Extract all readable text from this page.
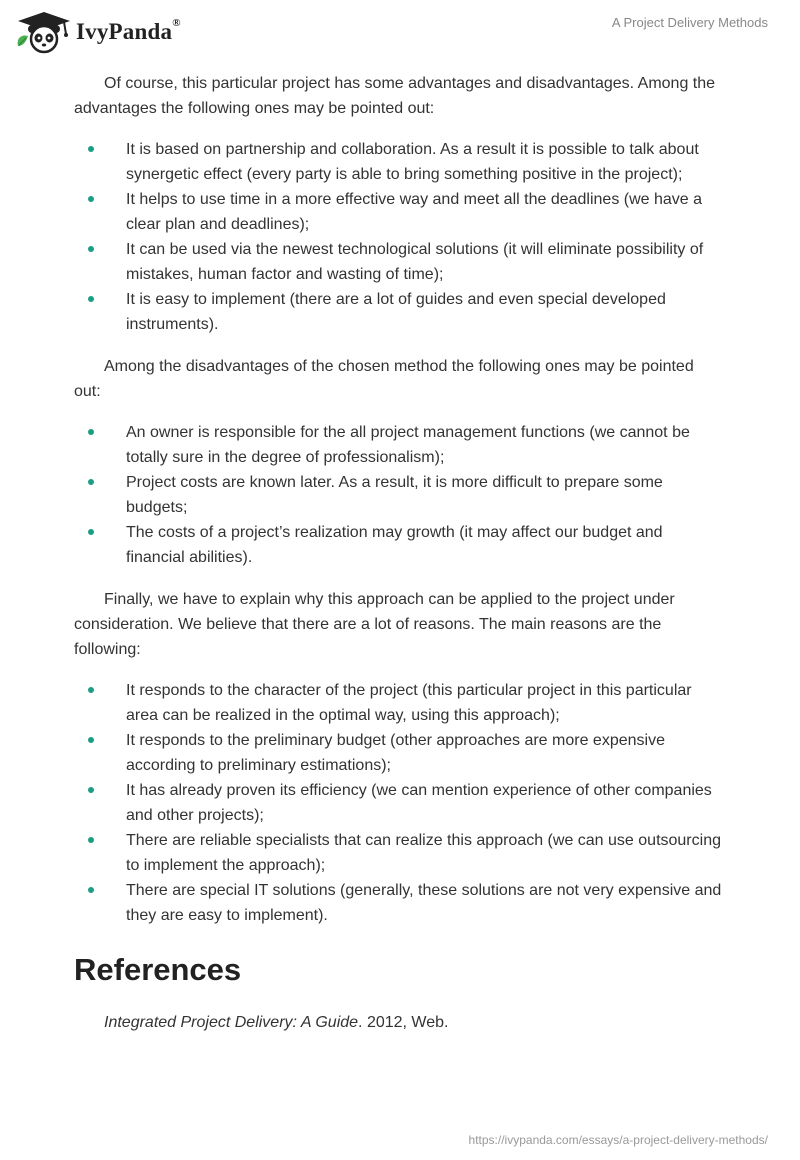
IvyPanda®	A Project Delivery Methods

Of course, this particular project has some advantages and disadvantages. Among the advantages the following ones may be pointed out:

It is based on partnership and collaboration. As a result it is possible to talk about synergetic effect (every party is able to bring something positive in the project);
It helps to use time in a more effective way and meet all the deadlines (we have a clear plan and deadlines);
It can be used via the newest technological solutions (it will eliminate possibility of mistakes, human factor and wasting of time);
It is easy to implement (there are a lot of guides and even special developed instruments).

Among the disadvantages of the chosen method the following ones may be pointed out:

An owner is responsible for the all project management functions (we cannot be totally sure in the degree of professionalism);
Project costs are known later. As a result, it is more difficult to prepare some budgets;
The costs of a project’s realization may growth (it may affect our budget and financial abilities).

Finally, we have to explain why this approach can be applied to the project under consideration. We believe that there are a lot of reasons. The main reasons are the following:

It responds to the character of the project (this particular project in this particular area can be realized in the optimal way, using this approach);
It responds to the preliminary budget (other approaches are more expensive according to preliminary estimations);
It has already proven its efficiency (we can mention experience of other companies and other projects);
There are reliable specialists that can realize this approach (we can use outsourcing to implement the approach);
There are special IT solutions (generally, these solutions are not very expensive and they are easy to implement).
References

Integrated Project Delivery: A Guide. 2012, Web.

https://ivypanda.com/essays/a-project-delivery-methods/
